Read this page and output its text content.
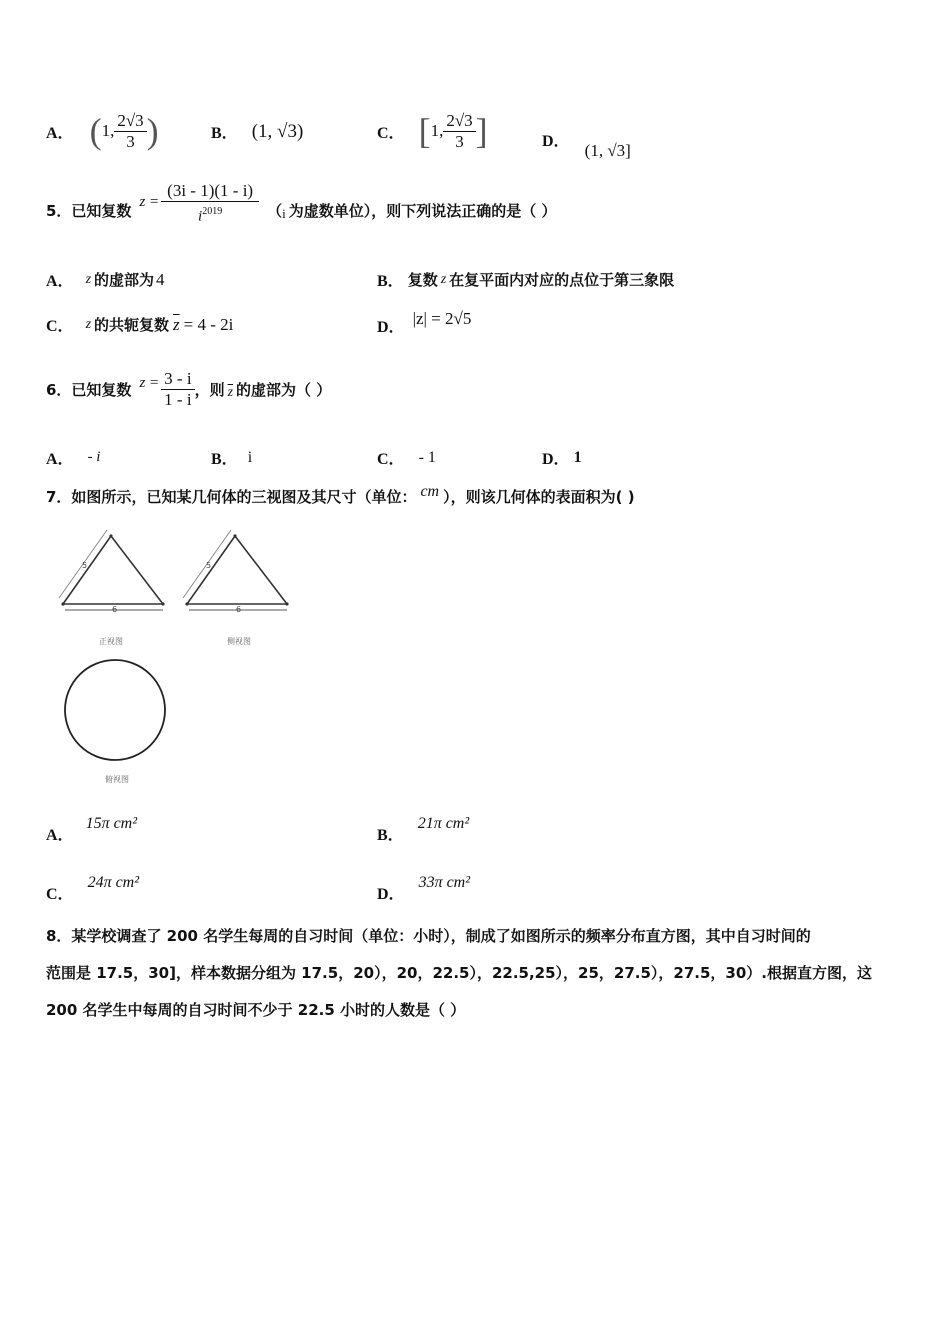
A． ( 1, $\frac{2√3}{3}$ )	B． (1, √3)	C． [ 1, $\frac{2√3}{3}$ ]	D． (1, √3]
5．已知复数 $z = \frac{(3i - 1)(1 - i)}{i^{2019}}$ （ i 为虚数单位），则下列说法正确的是（ ）
A． z 的虚部为 4	B． 复数 z 在复平面内对应的点位于第三象限
C． z 的共轭复数 $\overline{z} = 4 - 2i$	D． |z| = 2√5
6．已知复数 $z = \frac{3 - i}{1 - i}$ ，则 $\overline{z}$ 的虚部为（ ）
A． - i	B． i	C． - 1	D． 1
7．如图所示，已知某几何体的三视图及其尺寸（单位： cm ），则该几何体的表面积为( )
5
6
正视图
5
6
侧视图
俯视图
A．
15π cm²
B．
21π cm²
C．
24π cm²
D．
33π cm²
8．某学校调查了 200 名学生每周的自习时间（单位：小时），制成了如图所示的频率分布直方图，其中自习时间的
范围是 17.5，30]，样本数据分组为 17.5，20），20，22.5），22.5,25），25，27.5），27.5，30）.根据直方图，这
200 名学生中每周的自习时间不少于 22.5 小时的人数是（ ）
